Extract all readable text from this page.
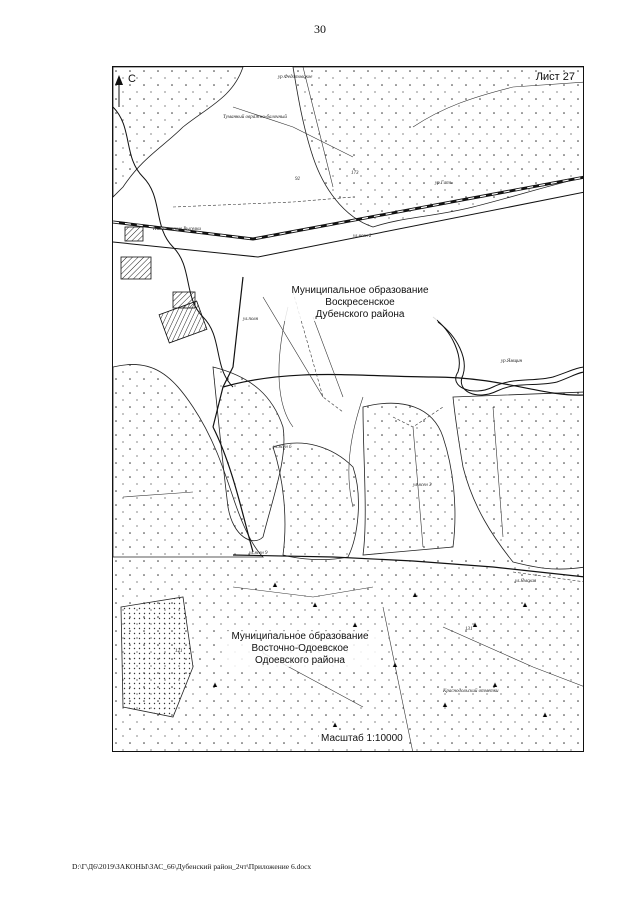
30
С	Лист 27
Муниципальное образование
Воскресенское
Дубенского района
Муниципальное образование
Восточно-Одоевское
Одоевского района
Масштаб 1:10000
ур.Федотовское
Туманный овражно-балочный
ур.Гать
ул.поля
Николаевские Выселки
ул.ясен 2
ул.ясен 3
ул.ясен 6
ул.ясен 9
ур.Ямщин
ул.Ямская
Краснодольский отметки
173
92
121
131
D:\Г\Д6\2019\ЗАКОНЫ\ЗАС_66\Дубенский район_2чт\Приложение 6.docx
